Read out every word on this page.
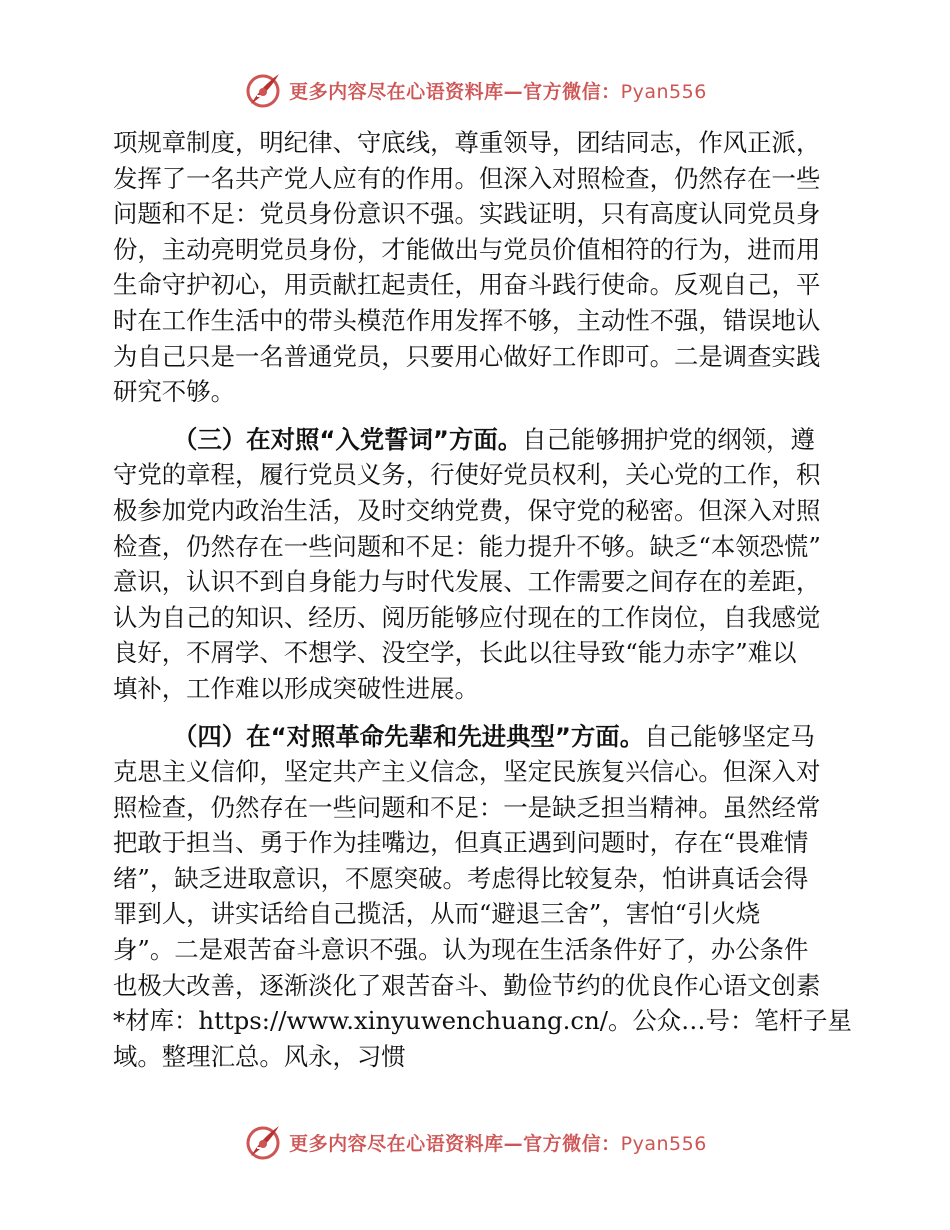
更多内容尽在心语资料库—官方微信：Pyan556
项规章制度，明纪律、守底线，尊重领导，团结同志，作风正派，
发挥了一名共产党人应有的作用。但深入对照检查，仍然存在一些
问题和不足：党员身份意识不强。实践证明，只有高度认同党员身
份，主动亮明党员身份，才能做出与党员价值相符的行为，进而用
生命守护初心，用贡献扛起责任，用奋斗践行使命。反观自己，平
时在工作生活中的带头模范作用发挥不够，主动性不强，错误地认
为自己只是一名普通党员，只要用心做好工作即可。二是调查实践
研究不够。
（三）在对照“入党誓词”方面。自己能够拥护党的纲领，遵
守党的章程，履行党员义务，行使好党员权利，关心党的工作，积
极参加党内政治生活，及时交纳党费，保守党的秘密。但深入对照
检查，仍然存在一些问题和不足：能力提升不够。缺乏“本领恐慌”
意识，认识不到自身能力与时代发展、工作需要之间存在的差距，
认为自己的知识、经历、阅历能够应付现在的工作岗位，自我感觉
良好，不屑学、不想学、没空学，长此以往导致“能力赤字”难以
填补，工作难以形成突破性进展。
（四）在“对照革命先辈和先进典型”方面。自己能够坚定马
克思主义信仰，坚定共产主义信念，坚定民族复兴信心。但深入对
照检查，仍然存在一些问题和不足：一是缺乏担当精神。虽然经常
把敢于担当、勇于作为挂嘴边，但真正遇到问题时，存在“畏难情
绪”，缺乏进取意识，不愿突破。考虑得比较复杂，怕讲真话会得
罪到人，讲实话给自己揽活，从而“避退三舍”，害怕“引火烧
身”。二是艰苦奋斗意识不强。认为现在生活条件好了，办公条件
也极大改善，逐渐淡化了艰苦奋斗、勤俭节约的优良作心语文创素
*材库：https://www.xinyuwenchuang.cn/。公众…号：笔杆子星
域。整理汇总。风永，习惯
更多内容尽在心语资料库—官方微信：Pyan556
